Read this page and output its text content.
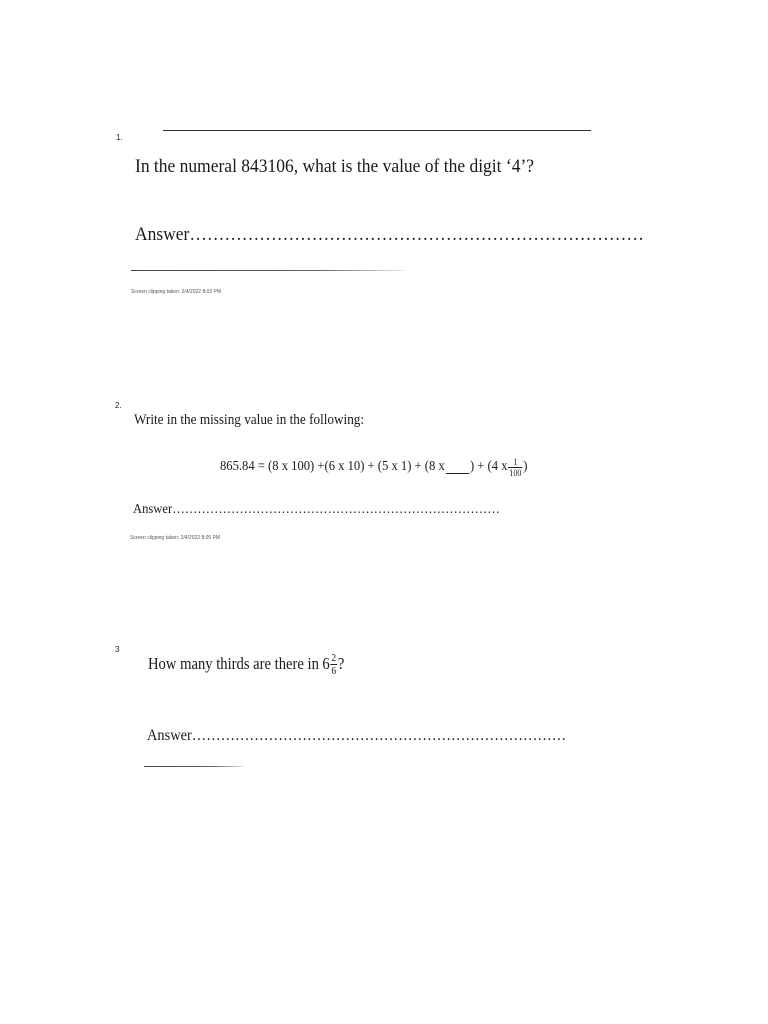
1.
In the numeral 843106, what is the value of the digit ‘4’?
Answer……………………………………………………………………
Screen clipping taken: 2/4/2022 8:03 PM
2.
Write in the missing value in the following:
865.84 = (8 x 100) +(6 x 10) + (5 x 1) + (8 x ) + (4 x $\frac{1}{100}$ )
Answer……………………………………………………………………
Screen clipping taken: 2/4/2022 8:05 PM
3
How many thirds are there in $6 \frac{2}{6}$ ?
Answer……………………………………………………………………
